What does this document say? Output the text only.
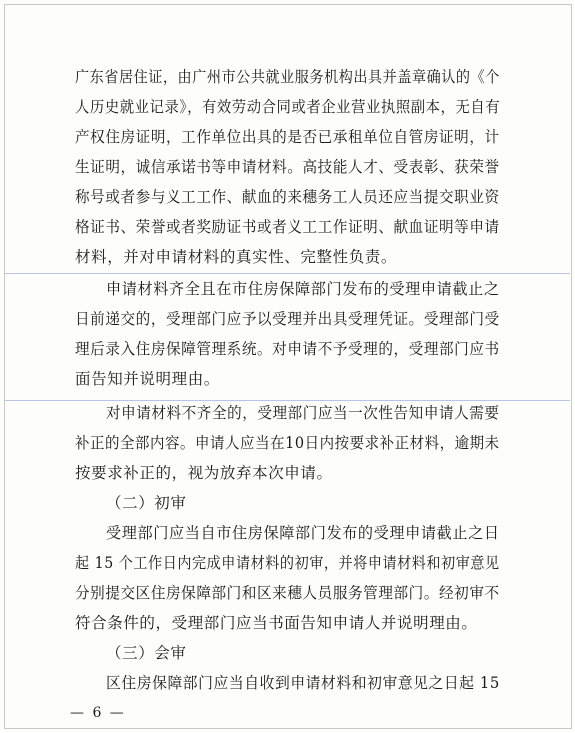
广东省居住证，由广州市公共就业服务机构出具并盖章确认的《个
人历史就业记录》，有效劳动合同或者企业营业执照副本，无自有
产权住房证明，工作单位出具的是否已承租单位自管房证明，计
生证明，诚信承诺书等申请材料。高技能人才、受表彰、获荣誉
称号或者参与义工工作、献血的来穗务工人员还应当提交职业资
格证书、荣誉或者奖励证书或者义工工作证明、献血证明等申请
材料，并对申请材料的真实性、完整性负责。
申请材料齐全且在市住房保障部门发布的受理申请截止之
日前递交的，受理部门应予以受理并出具受理凭证。受理部门受
理后录入住房保障管理系统。对申请不予受理的，受理部门应书
面告知并说明理由。
对申请材料不齐全的，受理部门应当一次性告知申请人需要
补正的全部内容。申请人应当在10日内按要求补正材料，逾期未
按要求补正的，视为放弃本次申请。
（二）初审
受理部门应当自市住房保障部门发布的受理申请截止之日
起 15 个工作日内完成申请材料的初审，并将申请材料和初审意见
分别提交区住房保障部门和区来穗人员服务管理部门。经初审不
符合条件的，受理部门应当书面告知申请人并说明理由。
（三）会审
区住房保障部门应当自收到申请材料和初审意见之日起 15
— 6 —
